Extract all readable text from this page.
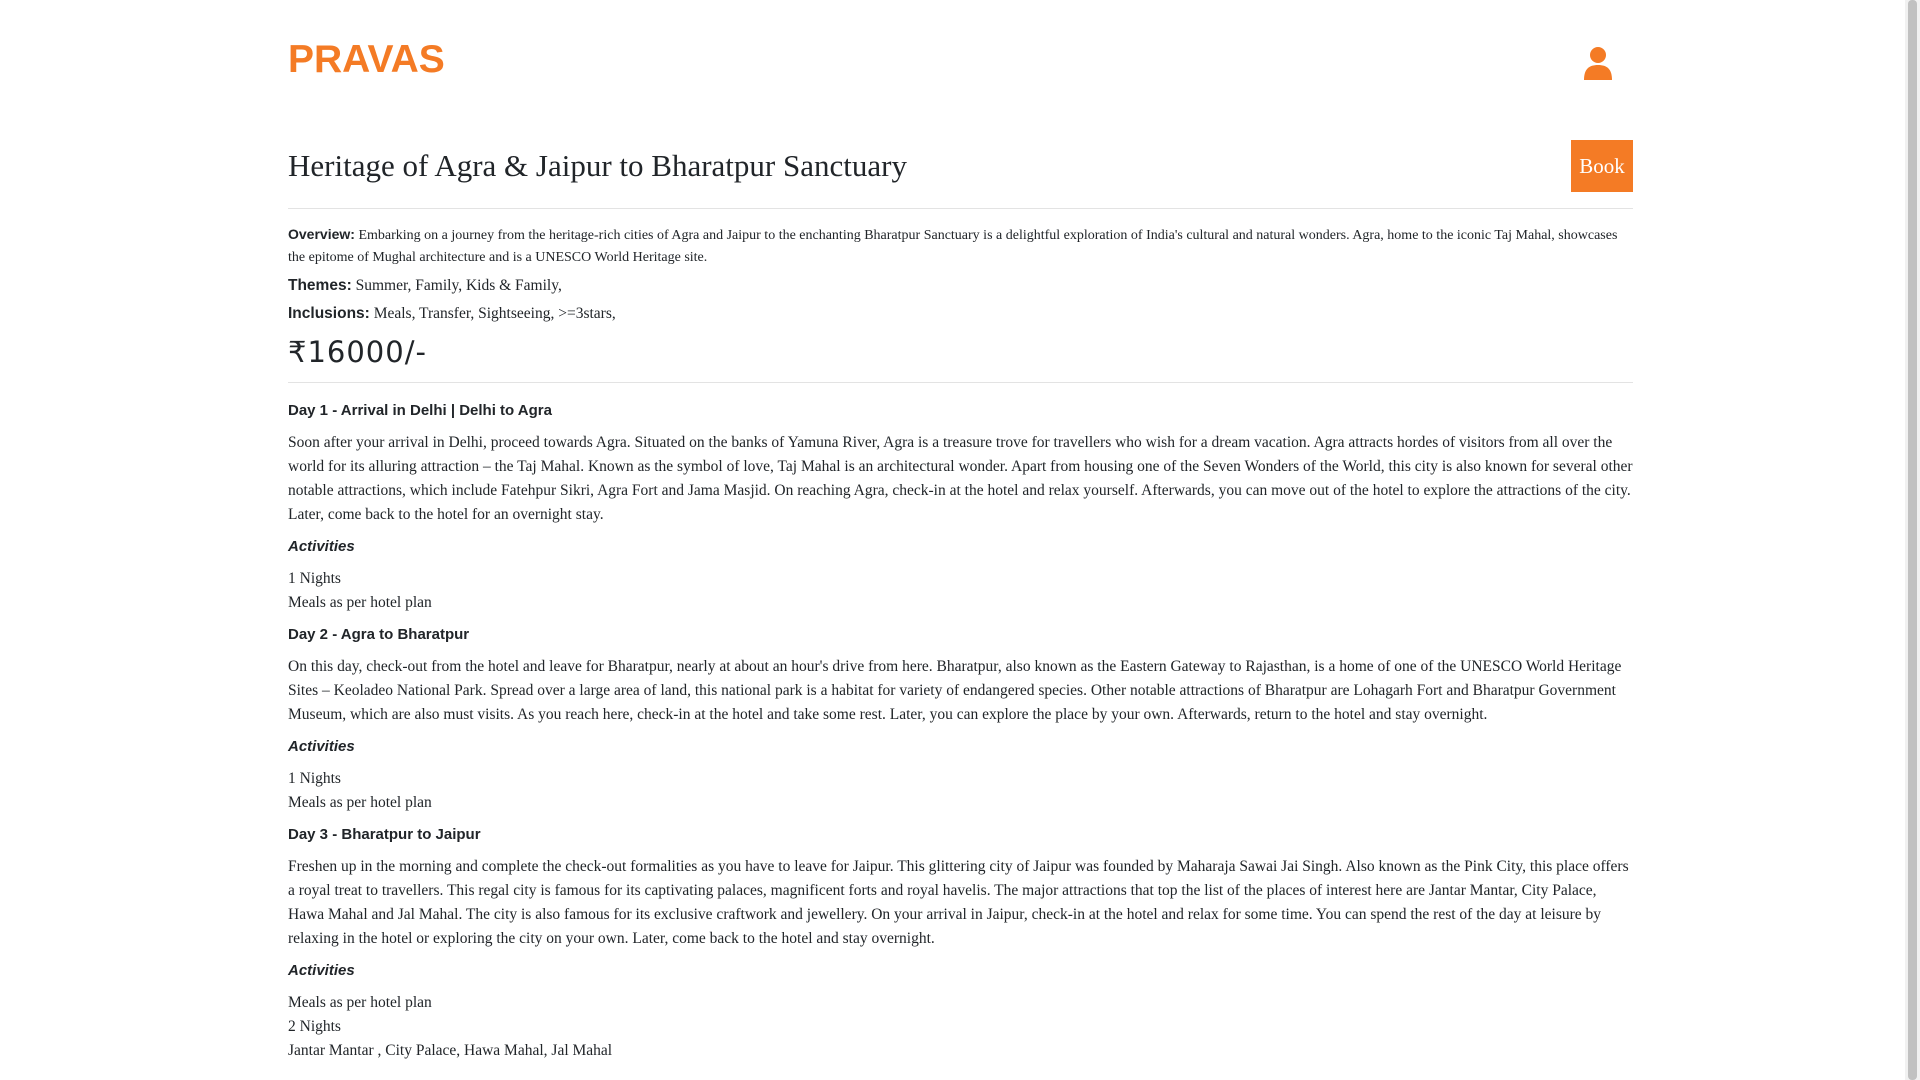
PRAVAS
Heritage of Agra & Jaipur to Bharatpur Sanctuary	Book

Overview: Embarking on a journey from the heritage-rich cities of Agra and Jaipur to the enchanting Bharatpur Sanctuary is a delightful exploration of India's cultural and natural wonders. Agra, home to the iconic Taj Mahal, showcases the epitome of Mughal architecture and is a UNESCO World Heritage site.

Themes: Summer, Family, Kids & Family,

Inclusions: Meals, Transfer, Sightseeing, >=3stars,

₹16000/-

Day 1 - Arrival in Delhi | Delhi to Agra

Soon after your arrival in Delhi, proceed towards Agra. Situated on the banks of Yamuna River, Agra is a treasure trove for travellers who wish for a dream vacation. Agra attracts hordes of visitors from all over the world for its alluring attraction – the Taj Mahal. Known as the symbol of love, Taj Mahal is an architectural wonder. Apart from housing one of the Seven Wonders of the World, this city is also known for several other notable attractions, which include Fatehpur Sikri, Agra Fort and Jama Masjid. On reaching Agra, check-in at the hotel and relax yourself. Afterwards, you can move out of the hotel to explore the attractions of the city. Later, come back to the hotel for an overnight stay.

Activities

1 Nights

Meals as per hotel plan

Day 2 - Agra to Bharatpur

On this day, check-out from the hotel and leave for Bharatpur, nearly at about an hour's drive from here. Bharatpur, also known as the Eastern Gateway to Rajasthan, is a home of one of the UNESCO World Heritage Sites – Keoladeo National Park. Spread over a large area of land, this national park is a habitat for variety of endangered species. Other notable attractions of Bharatpur are Lohagarh Fort and Bharatpur Government Museum, which are also must visits. As you reach here, check-in at the hotel and take some rest. Later, you can explore the place by your own. Afterwards, return to the hotel and stay overnight.

Activities

1 Nights

Meals as per hotel plan

Day 3 - Bharatpur to Jaipur

Freshen up in the morning and complete the check-out formalities as you have to leave for Jaipur. This glittering city of Jaipur was founded by Maharaja Sawai Jai Singh. Also known as the Pink City, this place offers a royal treat to travellers. This regal city is famous for its captivating palaces, magnificent forts and royal havelis. The major attractions that top the list of the places of interest here are Jantar Mantar, City Palace, Hawa Mahal and Jal Mahal. The city is also famous for its exclusive craftwork and jewellery. On your arrival in Jaipur, check-in at the hotel and relax for some time. You can spend the rest of the day at leisure by relaxing in the hotel or exploring the city on your own. Later, come back to the hotel and stay overnight.

Activities

Meals as per hotel plan

2 Nights

Jantar Mantar , City Palace, Hawa Mahal, Jal Mahal
